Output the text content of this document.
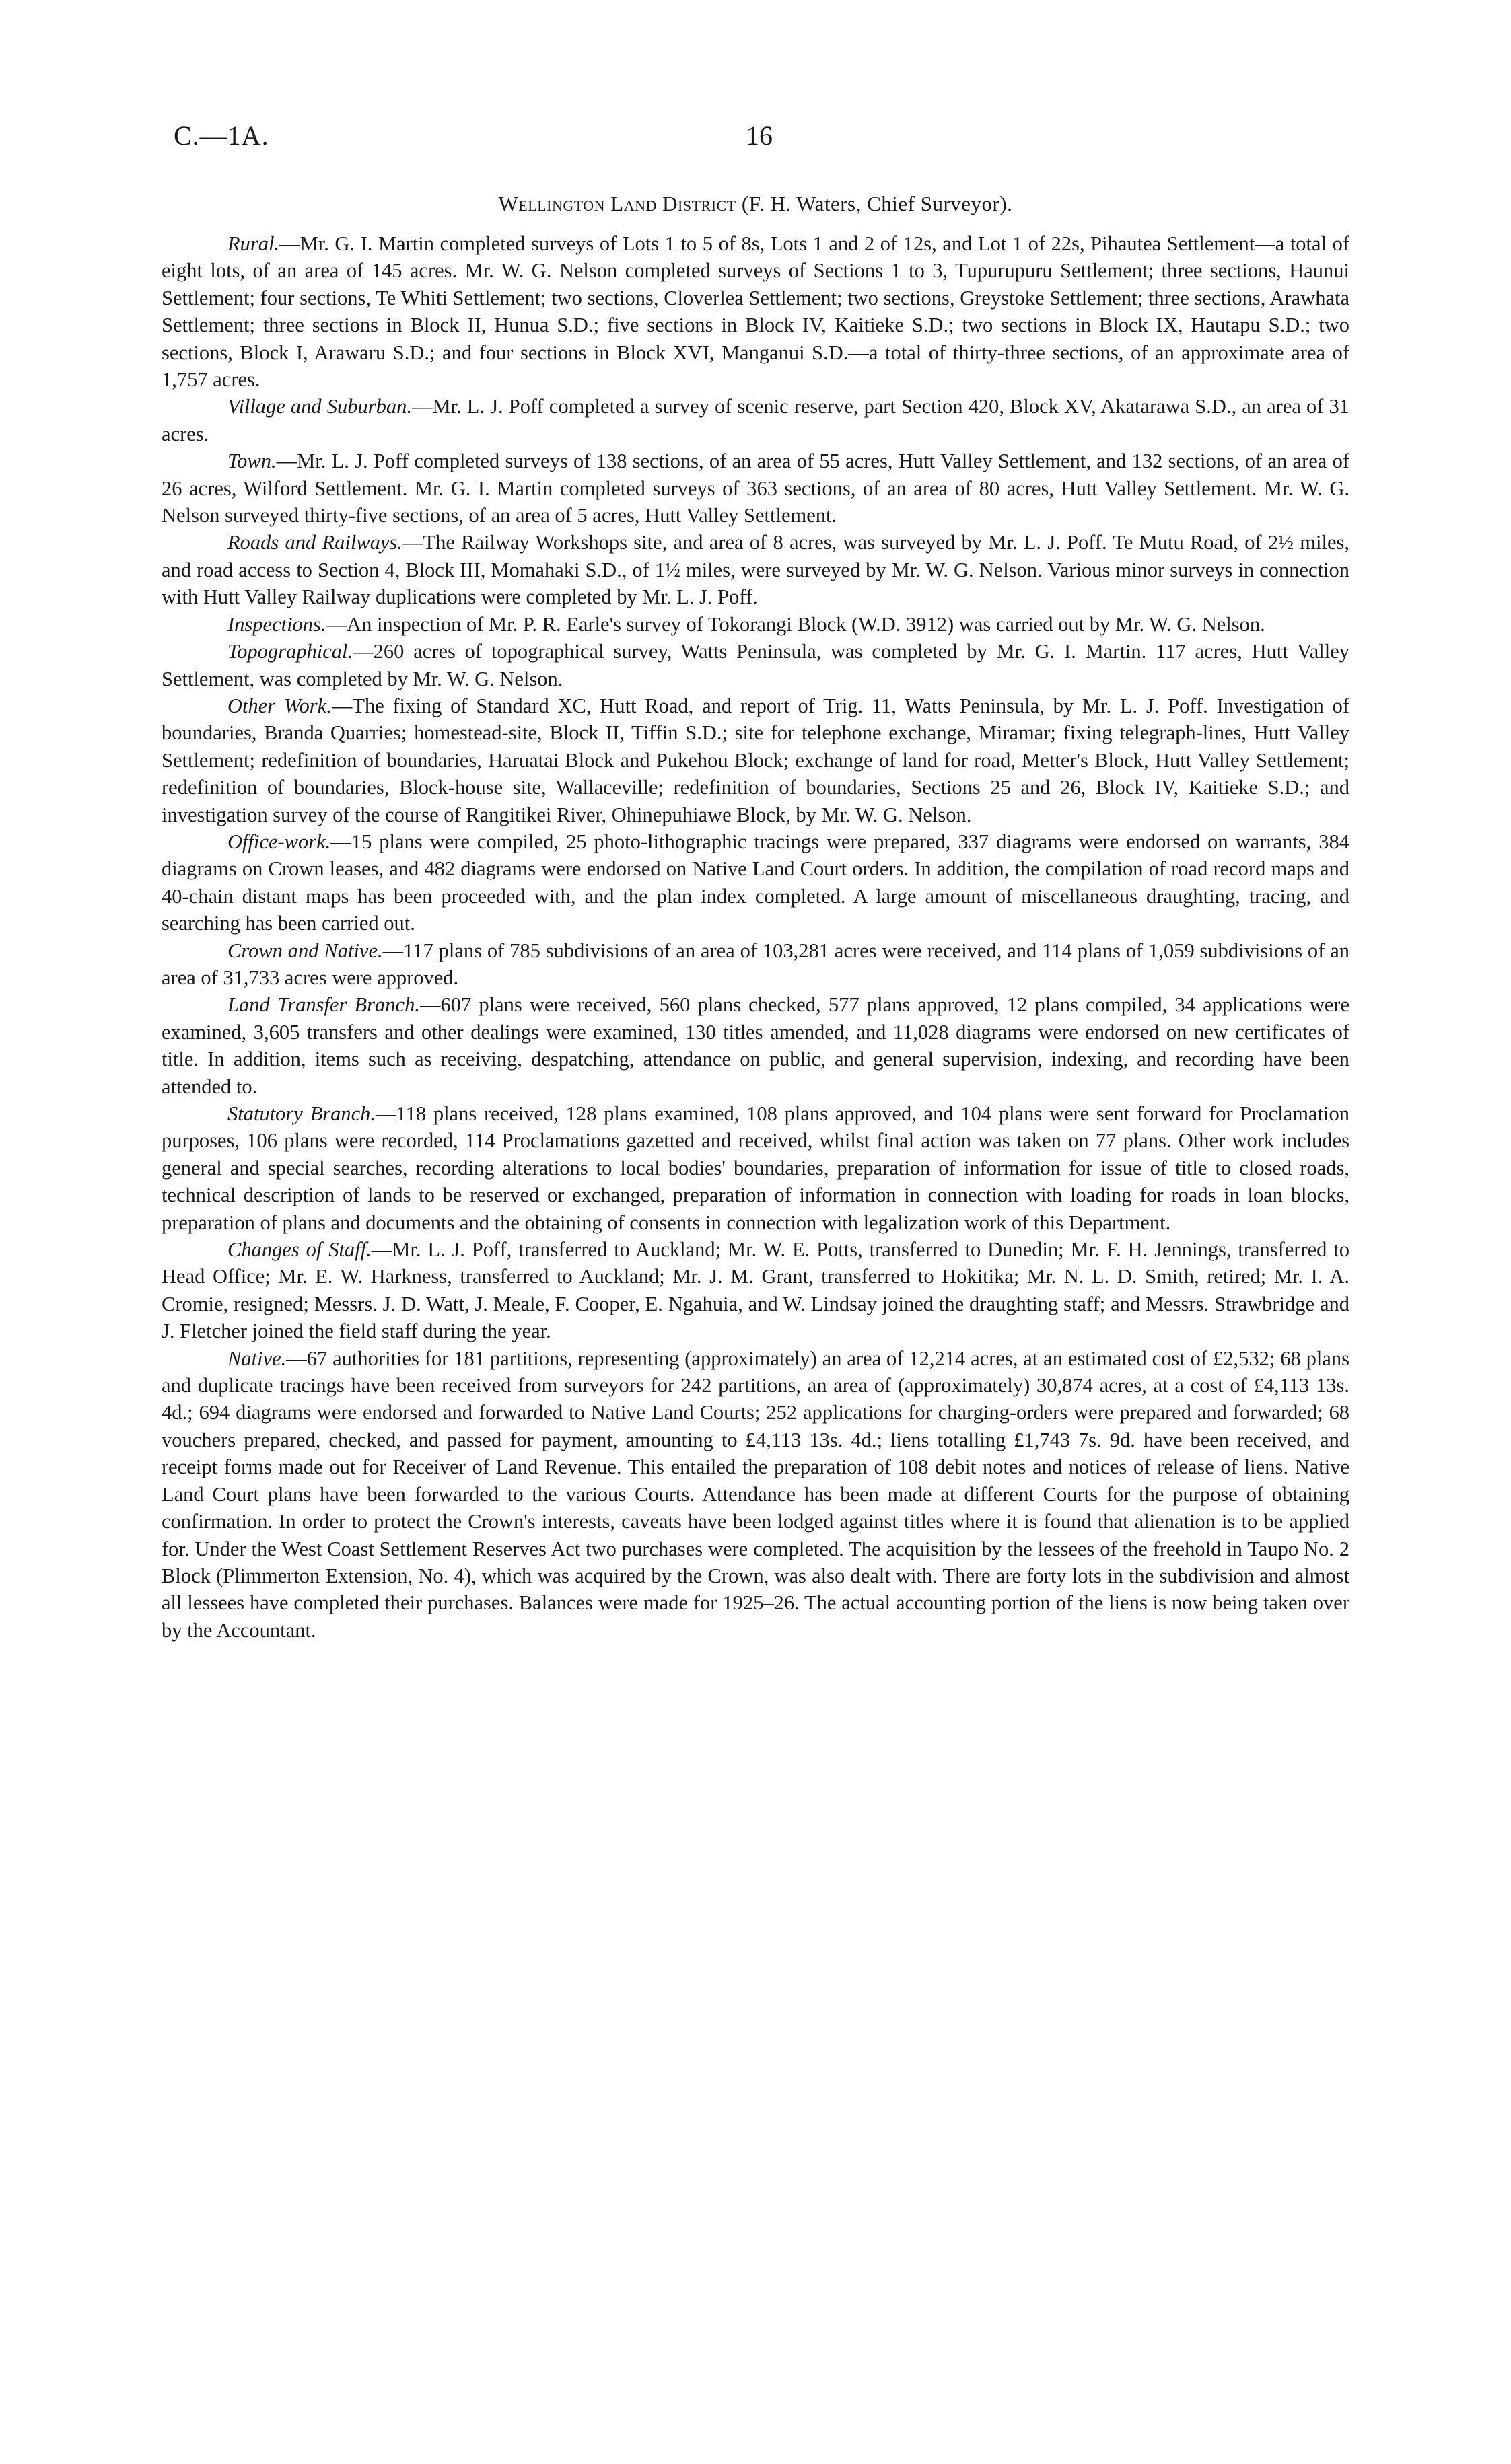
C.—1A.	16
Wellington Land District (F. H. Waters, Chief Surveyor).

Rural.—Mr. G. I. Martin completed surveys of Lots 1 to 5 of 8s, Lots 1 and 2 of 12s, and Lot 1 of 22s, Pihautea Settlement—a total of eight lots, of an area of 145 acres. Mr. W. G. Nelson completed surveys of Sections 1 to 3, Tupurupuru Settlement; three sections, Haunui Settlement; four sections, Te Whiti Settlement; two sections, Cloverlea Settlement; two sections, Greystoke Settlement; three sections, Arawhata Settlement; three sections in Block II, Hunua S.D.; five sections in Block IV, Kaitieke S.D.; two sections in Block IX, Hautapu S.D.; two sections, Block I, Arawaru S.D.; and four sections in Block XVI, Manganui S.D.—a total of thirty-three sections, of an approximate area of 1,757 acres.

Village and Suburban.—Mr. L. J. Poff completed a survey of scenic reserve, part Section 420, Block XV, Akatarawa S.D., an area of 31 acres.

Town.—Mr. L. J. Poff completed surveys of 138 sections, of an area of 55 acres, Hutt Valley Settlement, and 132 sections, of an area of 26 acres, Wilford Settlement. Mr. G. I. Martin completed surveys of 363 sections, of an area of 80 acres, Hutt Valley Settlement. Mr. W. G. Nelson surveyed thirty-five sections, of an area of 5 acres, Hutt Valley Settlement.

Roads and Railways.—The Railway Workshops site, and area of 8 acres, was surveyed by Mr. L. J. Poff. Te Mutu Road, of 2½ miles, and road access to Section 4, Block III, Momahaki S.D., of 1½ miles, were surveyed by Mr. W. G. Nelson. Various minor surveys in connection with Hutt Valley Railway duplications were completed by Mr. L. J. Poff.

Inspections.—An inspection of Mr. P. R. Earle's survey of Tokorangi Block (W.D. 3912) was carried out by Mr. W. G. Nelson.

Topographical.—260 acres of topographical survey, Watts Peninsula, was completed by Mr. G. I. Martin. 117 acres, Hutt Valley Settlement, was completed by Mr. W. G. Nelson.

Other Work.—The fixing of Standard XC, Hutt Road, and report of Trig. 11, Watts Peninsula, by Mr. L. J. Poff. Investigation of boundaries, Branda Quarries; homestead-site, Block II, Tiffin S.D.; site for telephone exchange, Miramar; fixing telegraph-lines, Hutt Valley Settlement; redefinition of boundaries, Haruatai Block and Pukehou Block; exchange of land for road, Metter's Block, Hutt Valley Settlement; redefinition of boundaries, Block-house site, Wallaceville; redefinition of boundaries, Sections 25 and 26, Block IV, Kaitieke S.D.; and investigation survey of the course of Rangitikei River, Ohinepuhiawe Block, by Mr. W. G. Nelson.

Office-work.—15 plans were compiled, 25 photo-lithographic tracings were prepared, 337 diagrams were endorsed on warrants, 384 diagrams on Crown leases, and 482 diagrams were endorsed on Native Land Court orders. In addition, the compilation of road record maps and 40-chain distant maps has been proceeded with, and the plan index completed. A large amount of miscellaneous draughting, tracing, and searching has been carried out.

Crown and Native.—117 plans of 785 subdivisions of an area of 103,281 acres were received, and 114 plans of 1,059 subdivisions of an area of 31,733 acres were approved.

Land Transfer Branch.—607 plans were received, 560 plans checked, 577 plans approved, 12 plans compiled, 34 applications were examined, 3,605 transfers and other dealings were examined, 130 titles amended, and 11,028 diagrams were endorsed on new certificates of title. In addition, items such as receiving, despatching, attendance on public, and general supervision, indexing, and recording have been attended to.

Statutory Branch.—118 plans received, 128 plans examined, 108 plans approved, and 104 plans were sent forward for Proclamation purposes, 106 plans were recorded, 114 Proclamations gazetted and received, whilst final action was taken on 77 plans. Other work includes general and special searches, recording alterations to local bodies' boundaries, preparation of information for issue of title to closed roads, technical description of lands to be reserved or exchanged, preparation of information in connection with loading for roads in loan blocks, preparation of plans and documents and the obtaining of consents in connection with legalization work of this Department.

Changes of Staff.—Mr. L. J. Poff, transferred to Auckland; Mr. W. E. Potts, transferred to Dunedin; Mr. F. H. Jennings, transferred to Head Office; Mr. E. W. Harkness, transferred to Auckland; Mr. J. M. Grant, transferred to Hokitika; Mr. N. L. D. Smith, retired; Mr. I. A. Cromie, resigned; Messrs. J. D. Watt, J. Meale, F. Cooper, E. Ngahuia, and W. Lindsay joined the draughting staff; and Messrs. Strawbridge and J. Fletcher joined the field staff during the year.

Native.—67 authorities for 181 partitions, representing (approximately) an area of 12,214 acres, at an estimated cost of £2,532; 68 plans and duplicate tracings have been received from surveyors for 242 partitions, an area of (approximately) 30,874 acres, at a cost of £4,113 13s. 4d.; 694 diagrams were endorsed and forwarded to Native Land Courts; 252 applications for charging-orders were prepared and forwarded; 68 vouchers prepared, checked, and passed for payment, amounting to £4,113 13s. 4d.; liens totalling £1,743 7s. 9d. have been received, and receipt forms made out for Receiver of Land Revenue. This entailed the preparation of 108 debit notes and notices of release of liens. Native Land Court plans have been forwarded to the various Courts. Attendance has been made at different Courts for the purpose of obtaining confirmation. In order to protect the Crown's interests, caveats have been lodged against titles where it is found that alienation is to be applied for. Under the West Coast Settlement Reserves Act two purchases were completed. The acquisition by the lessees of the freehold in Taupo No. 2 Block (Plimmerton Extension, No. 4), which was acquired by the Crown, was also dealt with. There are forty lots in the subdivision and almost all lessees have completed their purchases. Balances were made for 1925–26. The actual accounting portion of the liens is now being taken over by the Accountant.
